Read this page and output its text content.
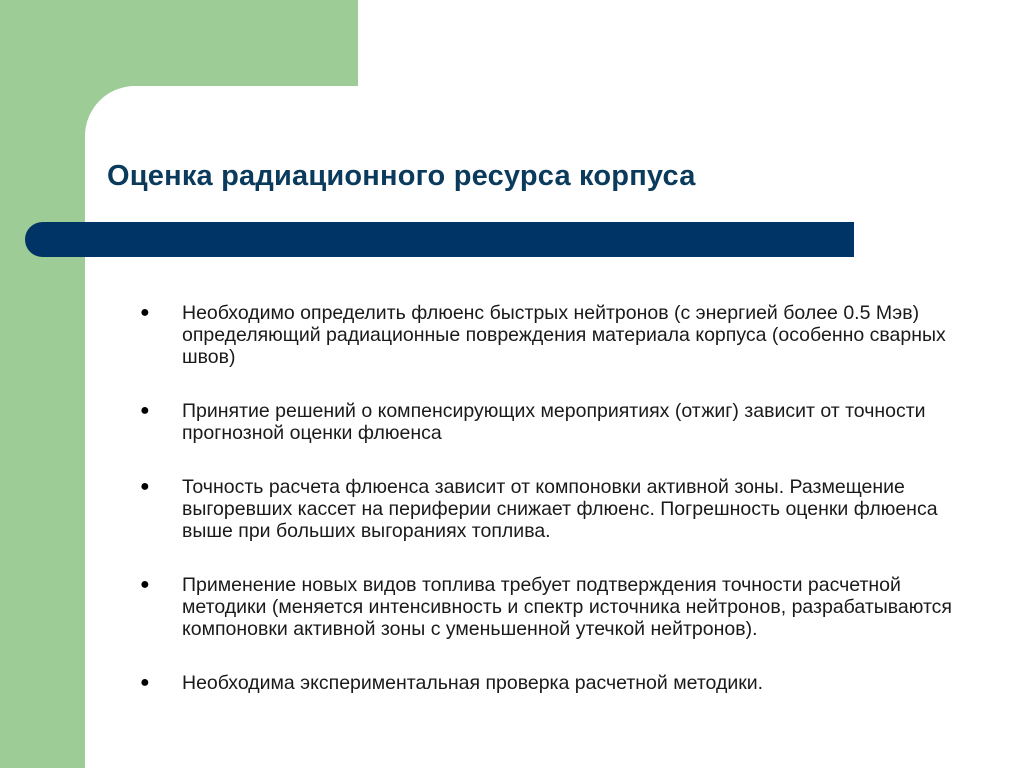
Оценка радиационного ресурса корпуса
● Необходимо определить флюенс быстрых нейтронов (с энергией более 0.5 Мэв) определяющий радиационные повреждения материала корпуса (особенно сварных швов)
● Принятие решений о компенсирующих мероприятиях (отжиг) зависит от точности прогнозной оценки флюенса
● Точность расчета флюенса зависит от компоновки активной зоны. Размещение выгоревших кассет на периферии снижает флюенс. Погрешность оценки флюенса выше при больших выгораниях топлива.
● Применение новых видов топлива требует подтверждения точности расчетной методики (меняется интенсивность и спектр источника нейтронов, разрабатываются компоновки активной зоны с уменьшенной утечкой нейтронов).
● Необходима экспериментальная проверка расчетной методики.
